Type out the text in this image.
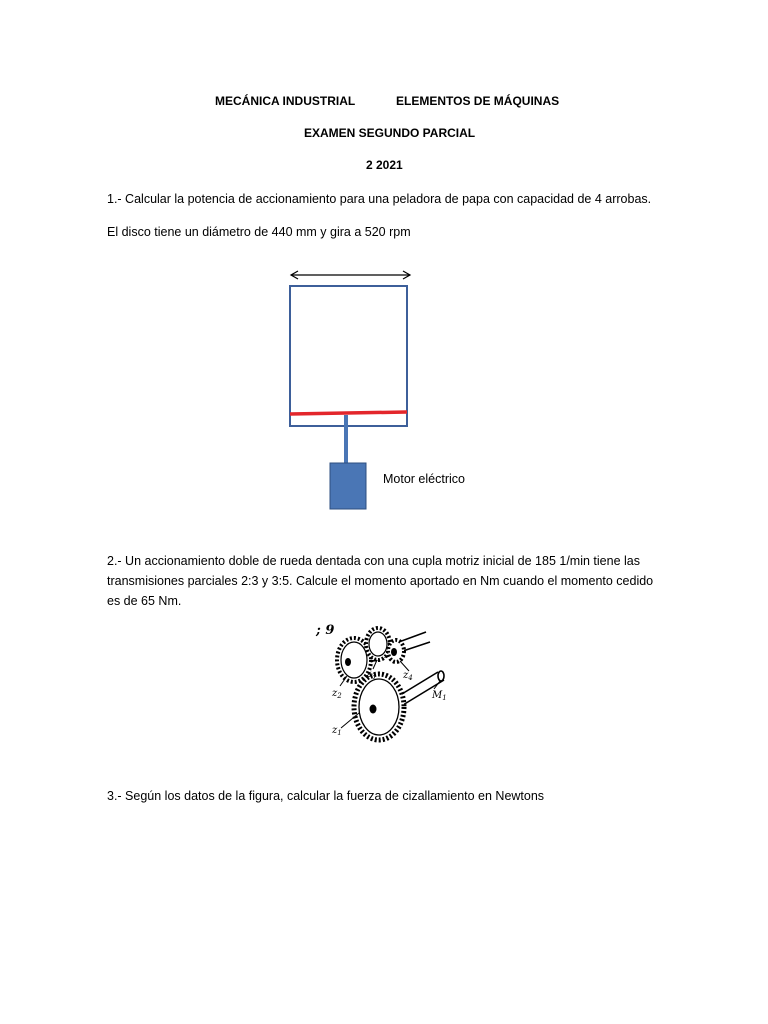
MECÁNICA INDUSTRIAL	ELEMENTOS DE MÁQUINAS
EXAMEN SEGUNDO PARCIAL
2 2021
1.- Calcular la potencia de accionamiento para una peladora de papa con capacidad de 4 arrobas.
El disco tiene un diámetro de 440 mm y gira a 520 rpm
Motor eléctrico
2.- Un accionamiento doble de rueda dentada con una cupla motriz inicial de 185 1/min tiene las transmisiones parciales 2:3 y 3:5. Calcule el momento aportado en Nm cuando el momento cedido es de 65 Nm.
; 9
$z_2$
$z_3$	$z_4$
$M_1$
$z_1$
3.- Según los datos de la figura, calcular la fuerza de cizallamiento en Newtons
